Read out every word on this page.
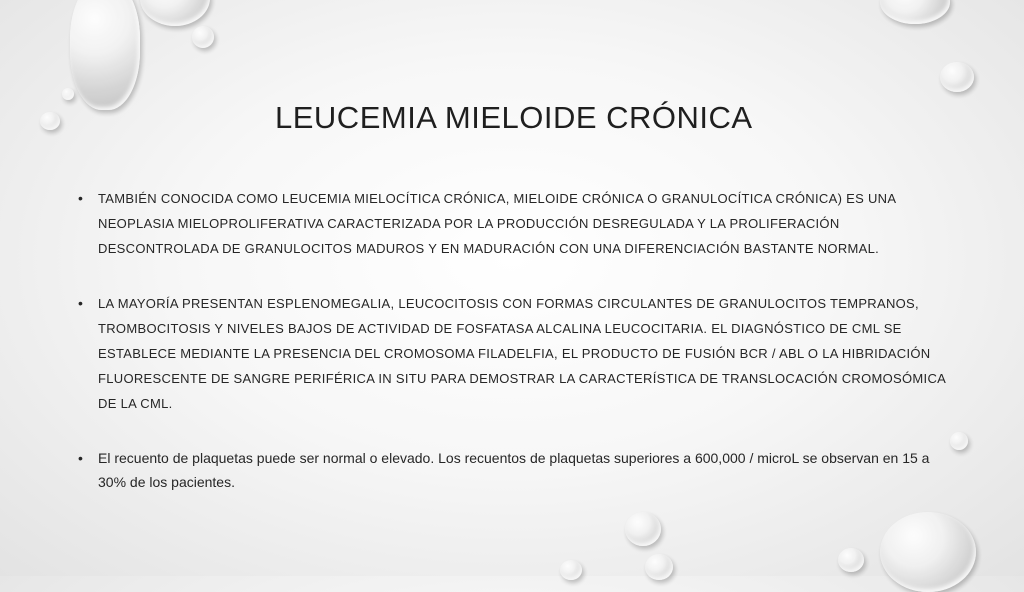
LEUCEMIA MIELOIDE CRÓNICA
• TAMBIÉN CONOCIDA COMO LEUCEMIA MIELOCÍTICA CRÓNICA, MIELOIDE CRÓNICA O GRANULOCÍTICA CRÓNICA) ES UNA NEOPLASIA MIELOPROLIFERATIVA CARACTERIZADA POR LA PRODUCCIÓN DESREGULADA Y LA PROLIFERACIÓN DESCONTROLADA DE GRANULOCITOS MADUROS Y EN MADURACIÓN CON UNA DIFERENCIACIÓN BASTANTE NORMAL.
• LA MAYORÍA PRESENTAN ESPLENOMEGALIA, LEUCOCITOSIS CON FORMAS CIRCULANTES DE GRANULOCITOS TEMPRANOS, TROMBOCITOSIS Y NIVELES BAJOS DE ACTIVIDAD DE FOSFATASA ALCALINA LEUCOCITARIA. EL DIAGNÓSTICO DE CML SE ESTABLECE MEDIANTE LA PRESENCIA DEL CROMOSOMA FILADELFIA, EL PRODUCTO DE FUSIÓN BCR / ABL O LA HIBRIDACIÓN FLUORESCENTE DE SANGRE PERIFÉRICA IN SITU PARA DEMOSTRAR LA CARACTERÍSTICA DE TRANSLOCACIÓN CROMOSÓMICA DE LA CML.
• El recuento de plaquetas puede ser normal o elevado. Los recuentos de plaquetas superiores a 600,000 / microL se observan en 15 a 30% de los pacientes.
